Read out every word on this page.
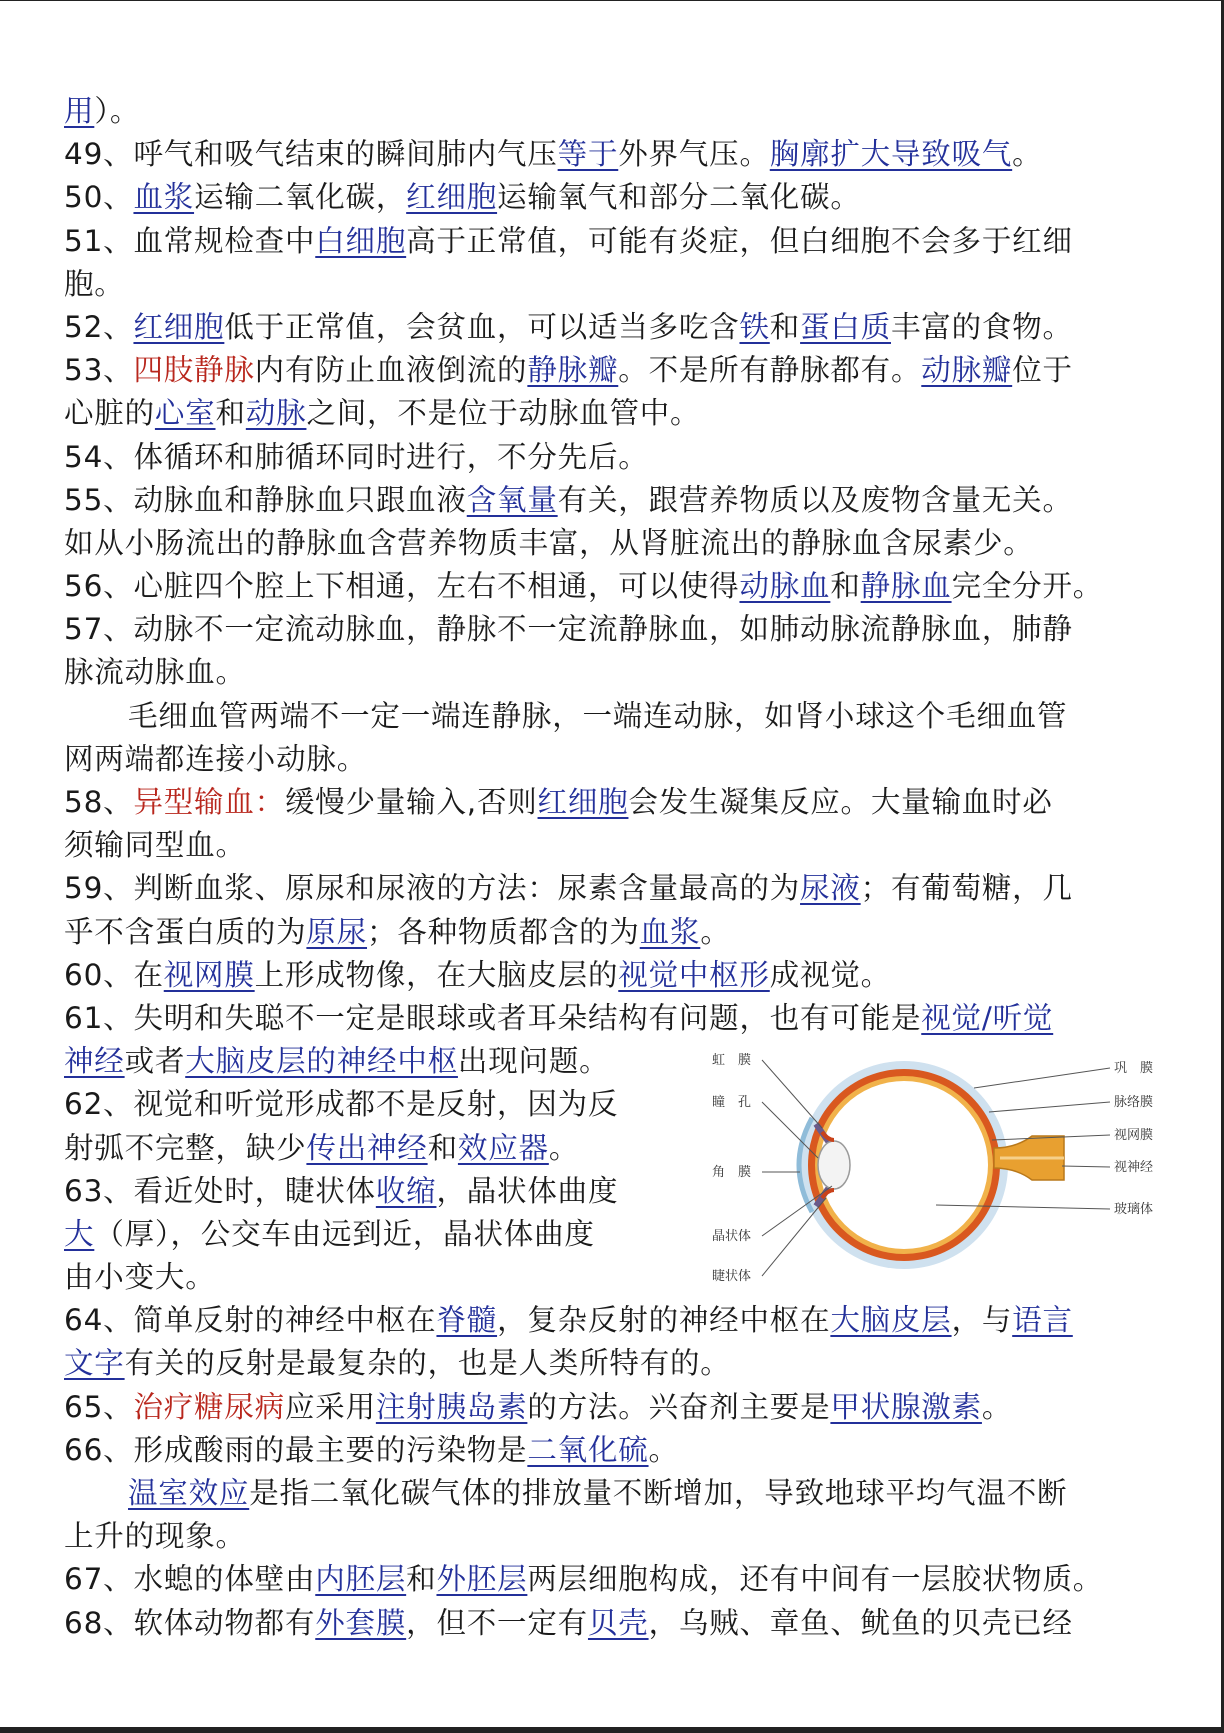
用）。
49、呼气和吸气结束的瞬间肺内气压等于外界气压。胸廓扩大导致吸气。
50、血浆运输二氧化碳，红细胞运输氧气和部分二氧化碳。
51、血常规检查中白细胞高于正常值，可能有炎症，但白细胞不会多于红细
胞。
52、红细胞低于正常值，会贫血，可以适当多吃含铁和蛋白质丰富的食物。
53、四肢静脉内有防止血液倒流的静脉瓣。不是所有静脉都有。动脉瓣位于
心脏的心室和动脉之间，不是位于动脉血管中。
54、体循环和肺循环同时进行，不分先后。
55、动脉血和静脉血只跟血液含氧量有关，跟营养物质以及废物含量无关。
如从小肠流出的静脉血含营养物质丰富，从肾脏流出的静脉血含尿素少。
56、心脏四个腔上下相通，左右不相通，可以使得动脉血和静脉血完全分开。
57、动脉不一定流动脉血，静脉不一定流静脉血，如肺动脉流静脉血，肺静
脉流动脉血。
毛细血管两端不一定一端连静脉，一端连动脉，如肾小球这个毛细血管
网两端都连接小动脉。
58、异型输血：缓慢少量输入,否则红细胞会发生凝集反应。大量输血时必
须输同型血。
59、判断血浆、原尿和尿液的方法：尿素含量最高的为尿液；有葡萄糖，几
乎不含蛋白质的为原尿；各种物质都含的为血浆。
60、在视网膜上形成物像，在大脑皮层的视觉中枢形成视觉。
61、失明和失聪不一定是眼球或者耳朵结构有问题，也有可能是视觉/听觉
神经或者大脑皮层的神经中枢出现问题。
62、视觉和听觉形成都不是反射，因为反
射弧不完整，缺少传出神经和效应器。
63、看近处时，睫状体收缩，晶状体曲度
大（厚），公交车由远到近，晶状体曲度
由小变大。
64、简单反射的神经中枢在脊髓，复杂反射的神经中枢在大脑皮层，与语言
文字有关的反射是最复杂的，也是人类所特有的。
65、治疗糖尿病应采用注射胰岛素的方法。兴奋剂主要是甲状腺激素。
66、形成酸雨的最主要的污染物是二氧化硫。
温室效应是指二氧化碳气体的排放量不断增加，导致地球平均气温不断
上升的现象。
67、水螅的体壁由内胚层和外胚层两层细胞构成，还有中间有一层胶状物质。
68、软体动物都有外套膜，但不一定有贝壳，乌贼、章鱼、鱿鱼的贝壳已经
虹　膜
瞳　孔
角　膜
晶状体
睫状体
巩　膜
脉络膜
视网膜
视神经
玻璃体
